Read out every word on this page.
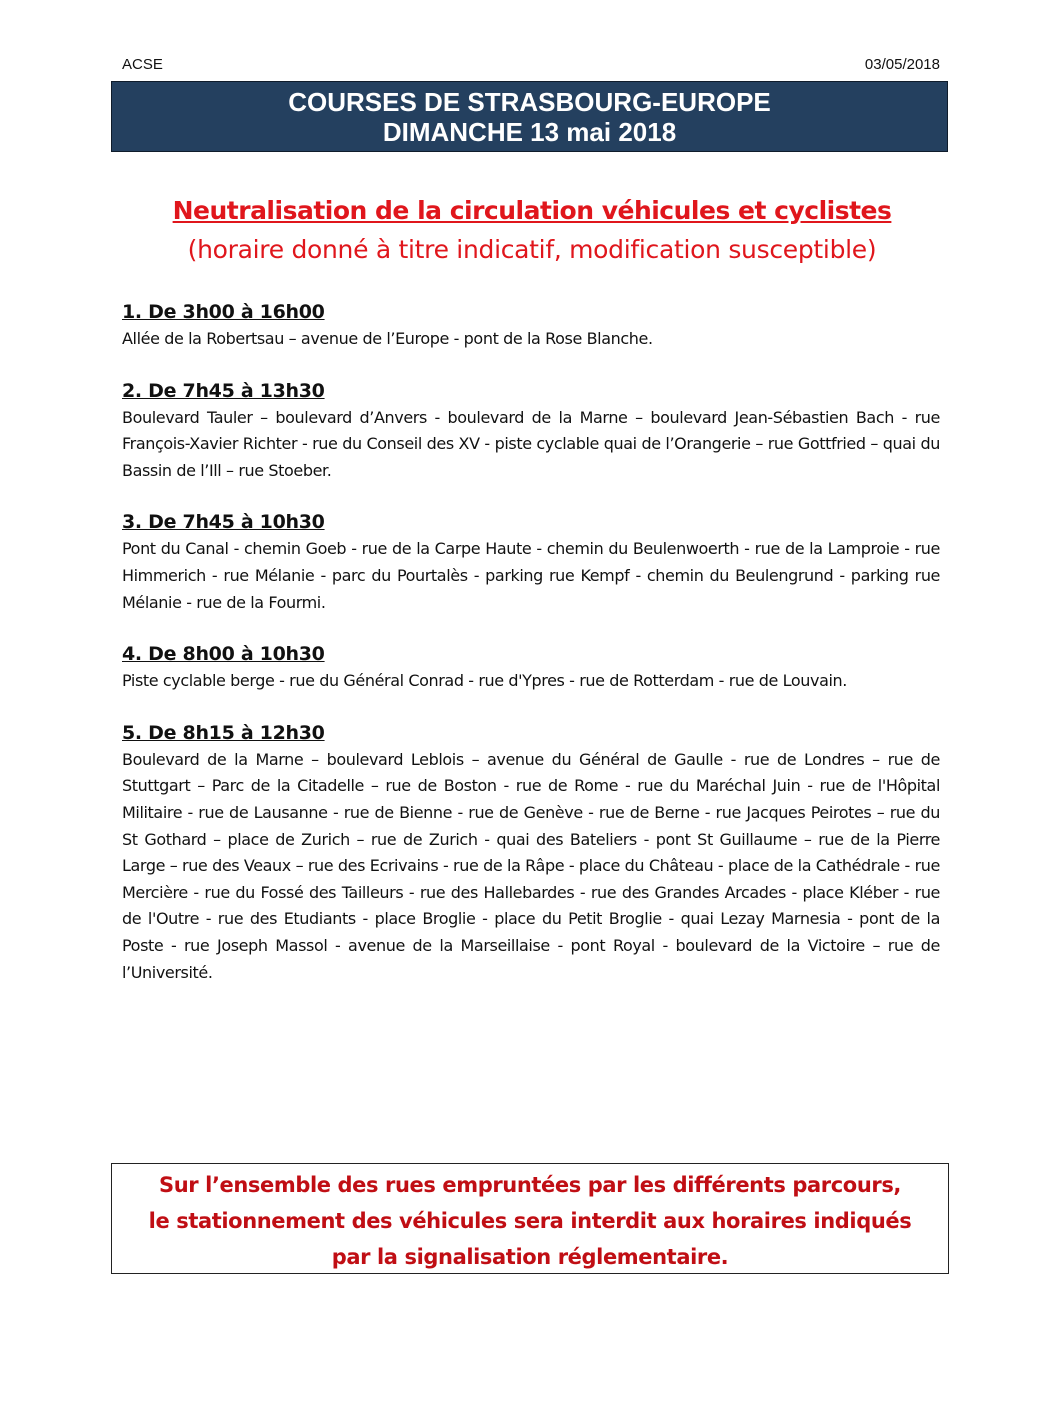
ACSE	03/05/2018
COURSES DE STRASBOURG-EUROPE
DIMANCHE 13 mai 2018
Neutralisation de la circulation véhicules et cyclistes
(horaire donné à titre indicatif, modification susceptible)
1. De 3h00 à 16h00
Allée de la Robertsau – avenue de l’Europe - pont de la Rose Blanche.
2. De 7h45 à 13h30
Boulevard Tauler – boulevard d’Anvers - boulevard de la Marne – boulevard Jean-Sébastien Bach - rue François-Xavier Richter - rue du Conseil des XV - piste cyclable quai de l’Orangerie – rue Gottfried – quai du Bassin de l’Ill – rue Stoeber.
3. De 7h45 à 10h30
Pont du Canal - chemin Goeb - rue de la Carpe Haute - chemin du Beulenwoerth - rue de la Lamproie - rue Himmerich - rue Mélanie - parc du Pourtalès - parking rue Kempf - chemin du Beulengrund - parking rue Mélanie - rue de la Fourmi.
4. De 8h00 à 10h30
Piste cyclable berge - rue du Général Conrad - rue d'Ypres - rue de Rotterdam - rue de Louvain.
5. De 8h15 à 12h30
Boulevard de la Marne – boulevard Leblois – avenue du Général de Gaulle - rue de Londres – rue de Stuttgart – Parc de la Citadelle – rue de Boston - rue de Rome - rue du Maréchal Juin - rue de l'Hôpital Militaire - rue de Lausanne - rue de Bienne - rue de Genève - rue de Berne - rue Jacques Peirotes – rue du St Gothard – place de Zurich – rue de Zurich - quai des Bateliers - pont St Guillaume – rue de la Pierre Large – rue des Veaux – rue des Ecrivains - rue de la Râpe - place du Château - place de la Cathédrale - rue Mercière - rue du Fossé des Tailleurs - rue des Hallebardes - rue des Grandes Arcades - place Kléber - rue de l'Outre - rue des Etudiants - place Broglie - place du Petit Broglie - quai Lezay Marnesia - pont de la Poste - rue Joseph Massol - avenue de la Marseillaise - pont Royal - boulevard de la Victoire – rue de l’Université.
Sur l’ensemble des rues empruntées par les différents parcours,
le stationnement des véhicules sera interdit aux horaires indiqués
par la signalisation réglementaire.
